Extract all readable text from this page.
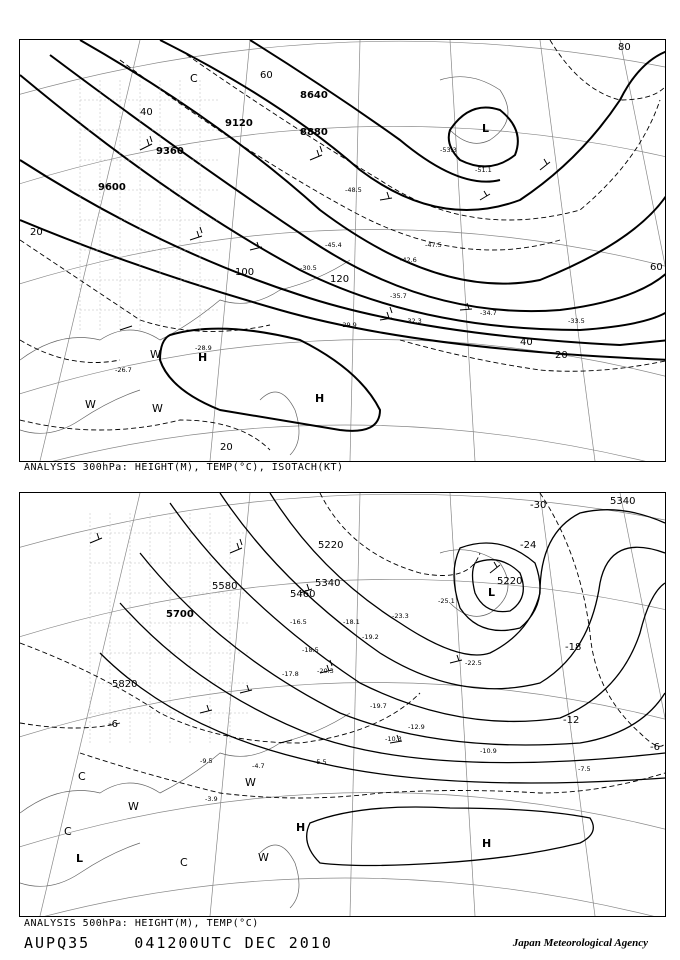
8640
8880
9120
9360
9600
20
40
60
80
100
120
40
20
60
20
-53.3
-51.1
-48.5
-47.5
-45.4
-42.6
-35.7
-34.7
-33.5
-32.3
-30.5
-29.9
-26.7
-28.9
H
H
L
C
W
W	W
ANALYSIS 300hPa: HEIGHT(M), TEMP(°C), ISOTACH(KT)
5220
5340
5460
5580
5700
5820
5220
5340
-30
-24
-18
-12
-6
-6
-25.1
-23.3
-22.5
-19.2
-18.1
-17.8
-12.9
-10.9
-10.3
-9.5
-7.5
-5.5
-4.7
-3.9
-19.7
-20.3
-18.5
-16.5
H
H
L
L
C
C
C
W
W
W
ANALYSIS 500hPa: HEIGHT(M), TEMP(°C)
AUPQ35    041200UTC DEC 2010	Japan Meteorological Agency
